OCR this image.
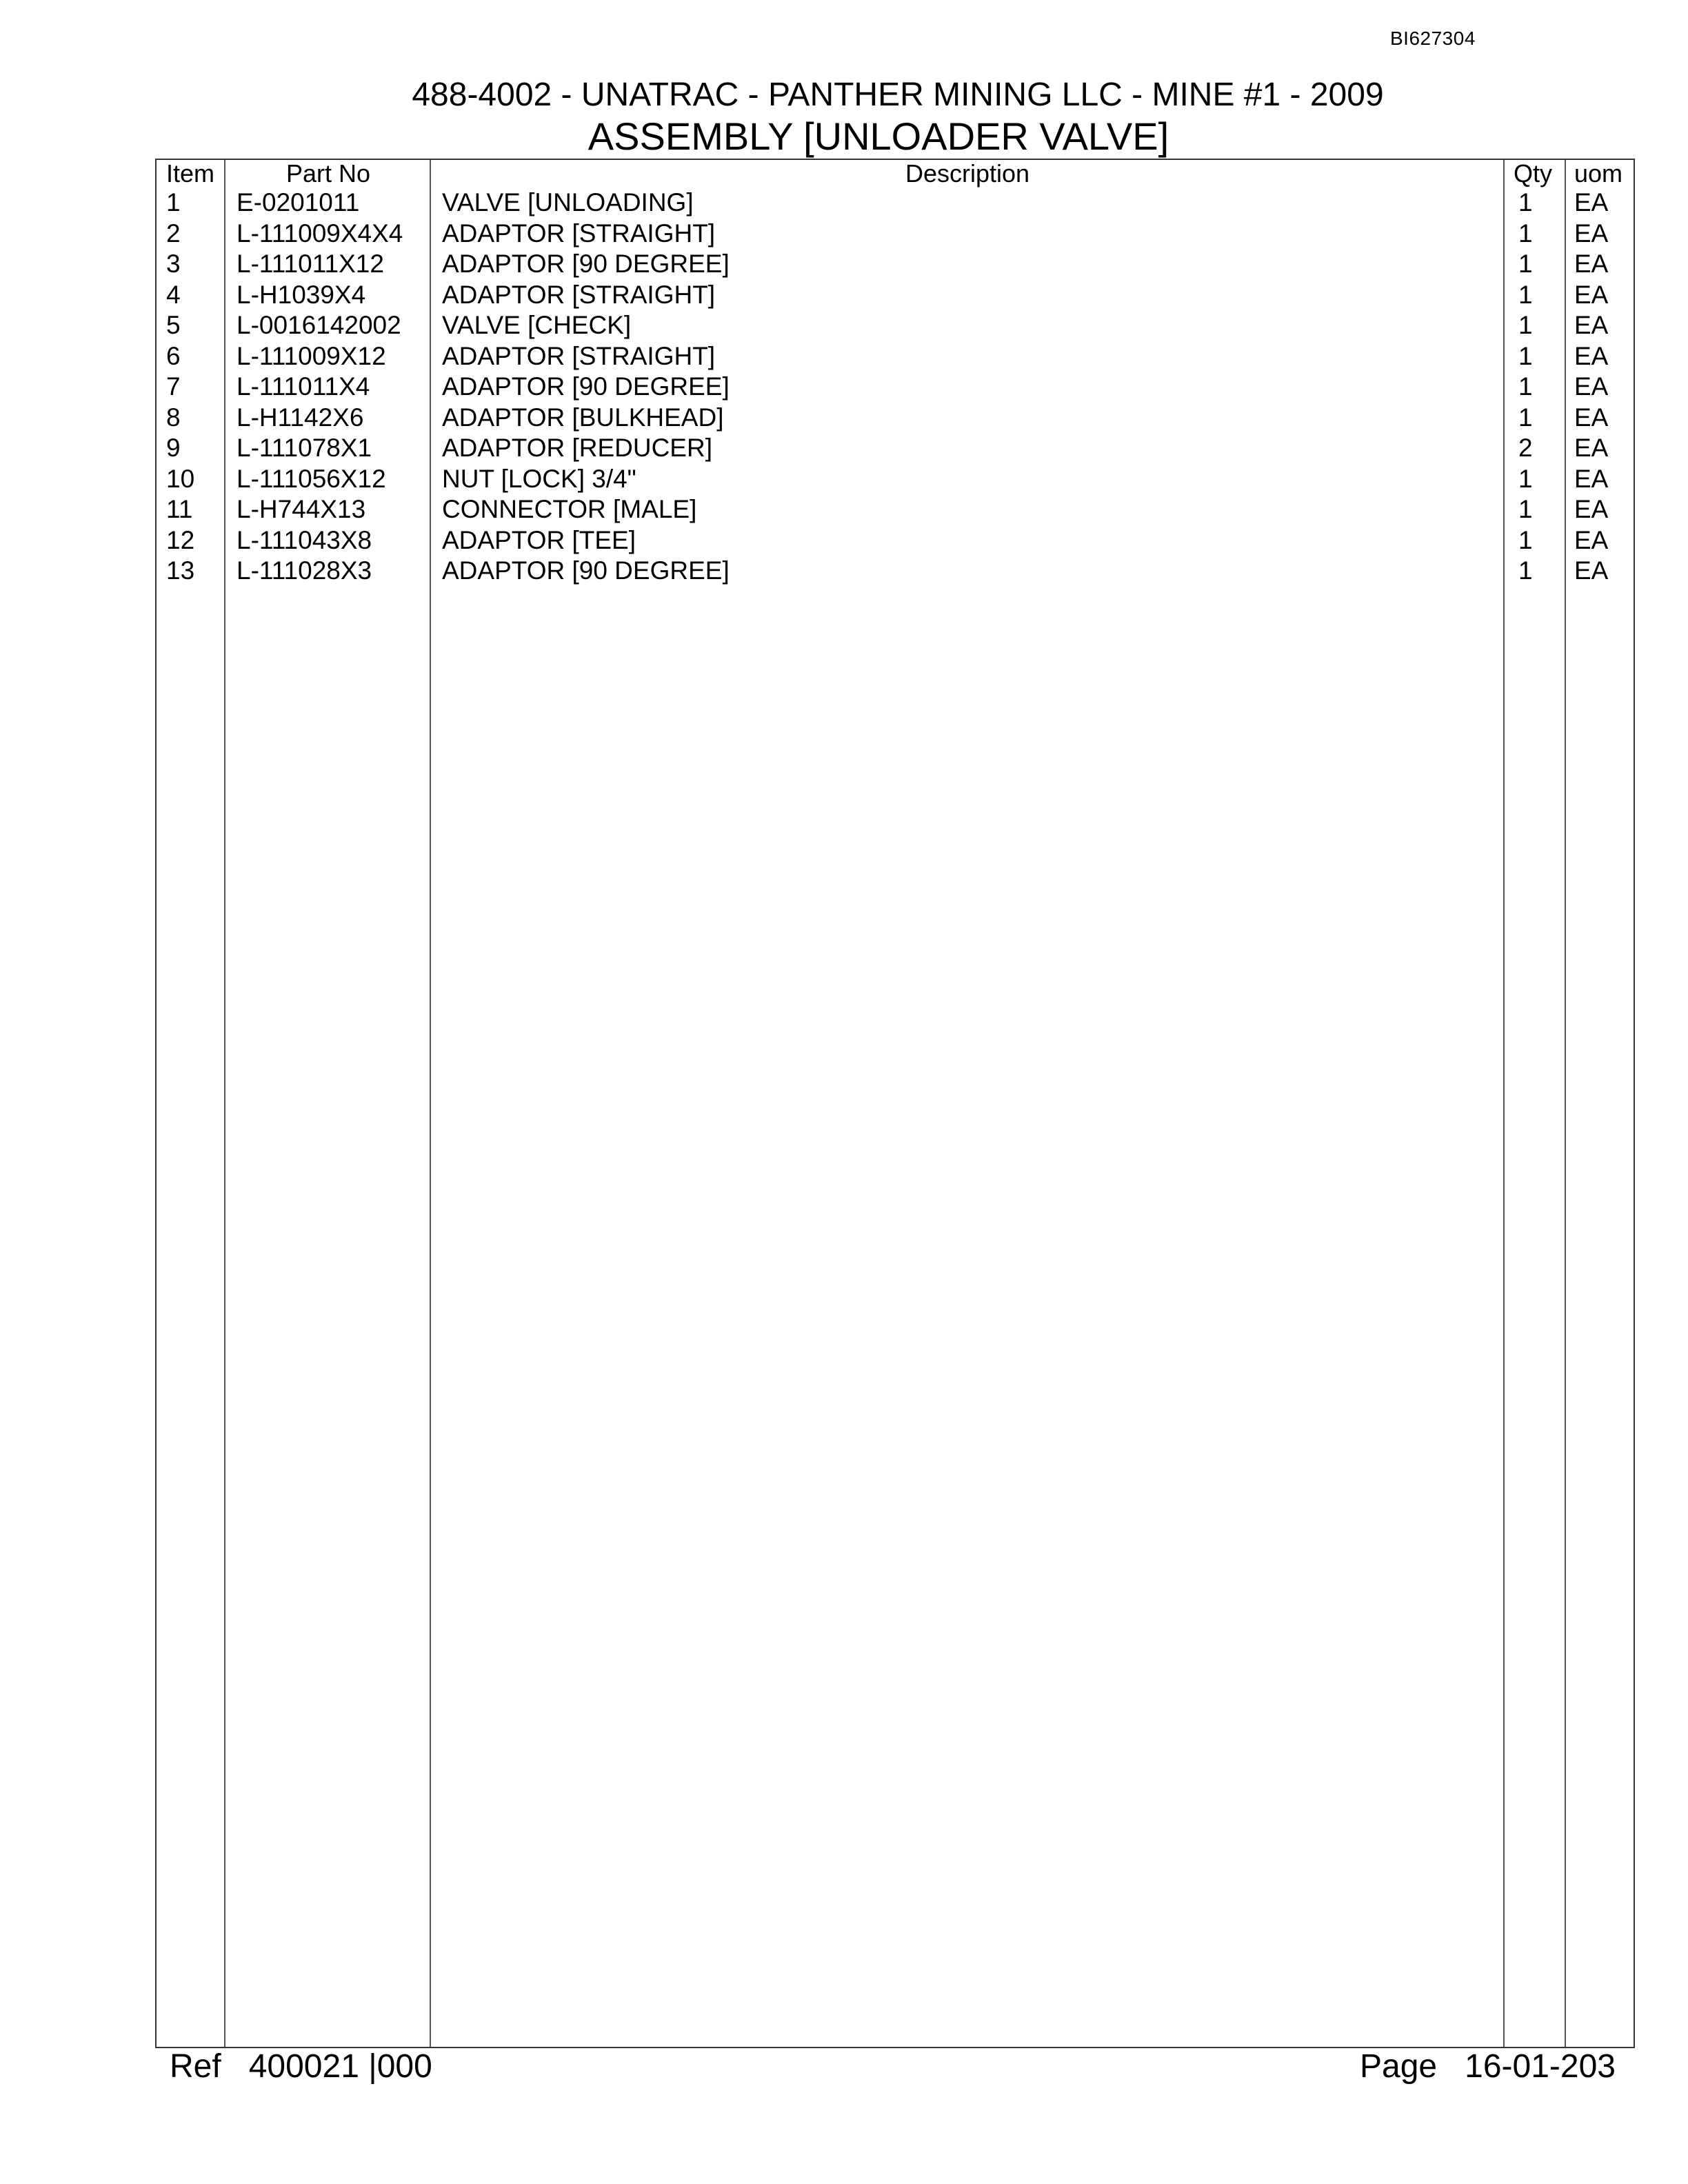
BI627304
488-4002 - UNATRAC - PANTHER MINING LLC - MINE #1 - 2009
ASSEMBLY [UNLOADER VALVE]
Item	Part No	Description	Qty uom
1 E-0201011	VALVE [UNLOADING]	1 EA
2 L-111009X4X4 ADAPTOR [STRAIGHT]	1 EA
3 L-111011X12 ADAPTOR [90 DEGREE]	1 EA
4 L-H1039X4	ADAPTOR [STRAIGHT]	1 EA
5 L-0016142002 VALVE [CHECK]	1 EA
6 L-111009X12 ADAPTOR [STRAIGHT]	1 EA
7 L-111011X4	ADAPTOR [90 DEGREE]	1 EA
8 L-H1142X6	ADAPTOR [BULKHEAD]	1 EA
9 L-111078X1	ADAPTOR [REDUCER]	2 EA
10 L-111056X12 NUT [LOCK] 3/4"	1 EA
11 L-H744X13	CONNECTOR [MALE]	1 EA
12 L-111043X8	ADAPTOR [TEE]	1 EA
13 L-111028X3	ADAPTOR [90 DEGREE]	1 EA
Ref 400021 |000	Page 16-01-203
